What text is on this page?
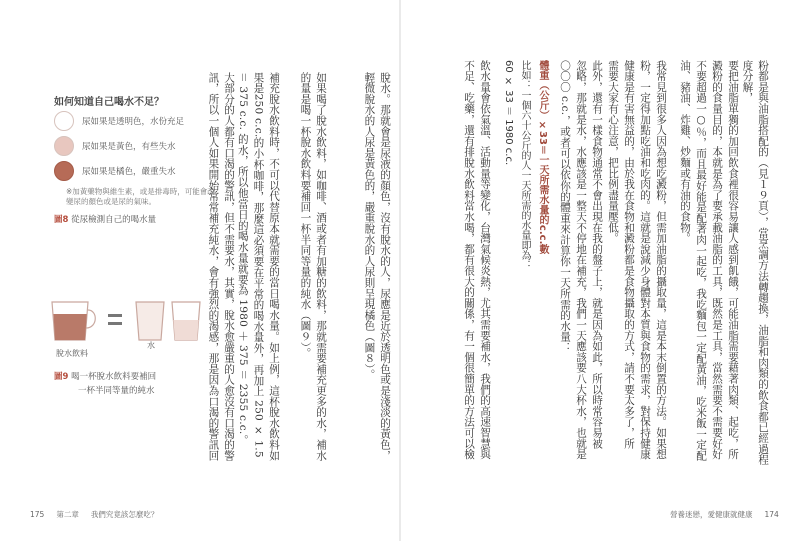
如何知道自己喝水不足？
尿如果是透明色，水份充足
尿如果是黃色，有些失水
尿如果是橘色，嚴重失水
※加黃藥物與維生素，或是排毒時，可能會改變尿的顏色或是尿的氣味。
圖8 從尿檢測自己的喝水量
脫水飲料
水
圖9 喝一杯脫水飲料要補回
一杯半同等量的純水	脫水。那就會是尿液的顏色，沒有脫水的人，尿應是近於透明色或是淺淡的黃色，輕微脫水的人尿是黃色的，嚴重脫水的人尿則呈現橘色（圖８）。
如果喝了脫水飲料，如咖啡、酒或者有加糖的飲料，那就需要補充更多的水，補水的量是喝一杯脫水飲料要補回一杯半同等量的純水（圖９）。
補充脫水飲料時，不可以代替原本就需要的當日喝水量。如上例，這杯脫水飲料如果是250 c.c.的小杯咖啡，那麼這必須要在平常的喝水量外，再加上 250 × 1.5 ＝ 375 c.c. 的水，所以他當日的喝水量就要為 1980 ＋ 375 ＝ 2355 c.c.。
大部分的人都有口渴的警訊，但不需要水，其實，脫水愈嚴重的人愈沒有口渴的警訊，所以一個人如果開始常常補充純水，會有強烈的渴感，那是因為口渴的警訊回
175 第二章 我們究竟該怎麼吃？
粉都是與油脂搭配的（見１９頁），當烹調方法轉趨換，油脂和肉類的飲食都已經過程度分解，
要把油脂單獨的加回飲食裡很容易讓人感到飢餓，可能油脂需要藉著肉類、起吃，所
澱粉的食量目的，本就是為了要承載油脂的工具，既然是工具，當然需要不需要好好
不要超過一○％，而且最好能是配著肉一起吃，我吃麵包一定配黃油，吃米飯一定配
油、豬油、炸雞、炒麵或有油的食物。
我常見到很多人因為想吃澱粉，但需加油脂的攝取量，這是本末倒置的方法。如果想
粉，一定得加點吃油和吃肉的。這就是說減少身體對本質與食物的需求，對保持健康
健康是有害無益的，由於我在食物和澱粉都是食物攝取的方式，請不要太多了，所
需要大家有心注意，把比例盡量壓低。
此外，還有一樣食物通常不會出現在我的盤子上，就是因為如此，所以時常容易被
忽略，那就是水，水應該是一整天不停地在補充，我們一天應該要八大杯水，也就是
〇〇〇 c.c.，或者可以依你的體重來計算你一天所需的水量：
體重（公斤）×33＝一天所需水量的c.c.數
比如：一個六十公斤的人一天所需的水量即為：
60 × 33 ＝ 1980 c.c.
飲水量會依氣溫、活動量等變化，台灣氣候炎熱，尤其需要補水，我們的高速智慧與
不足、吃藥，還有排脫水飲料當水喝，都有很大的關係，有一個很簡單的方法可以檢
營養迷戀，愛健康就健康 174
